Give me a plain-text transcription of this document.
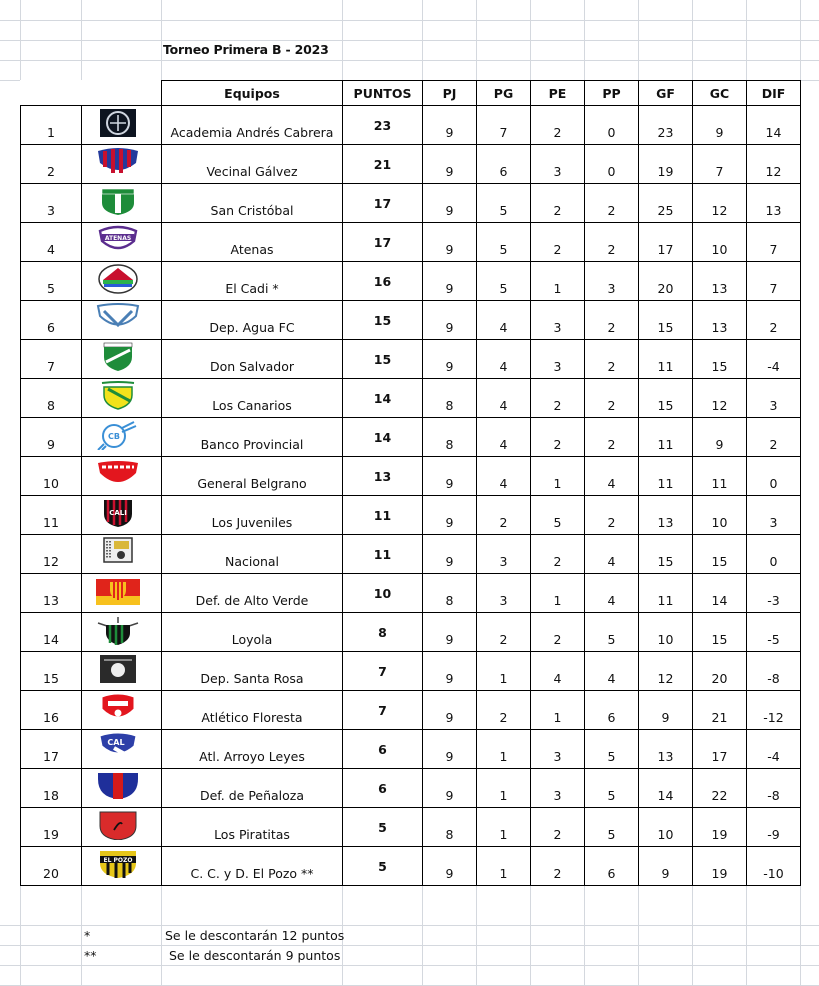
Torneo Primera B - 2023
		Equipos	PUNTOS	PJ	PG	PE	PP	GF	GC	DIF
1		Academia Andrés Cabrera	23	9	7	2	0	23	9	14
2		Vecinal Gálvez	21	9	6	3	0	19	7	12
3		San Cristóbal	17	9	5	2	2	25	12	13
4	ATENAS	Atenas	17	9	5	2	2	17	10	7
5		El Cadi *	16	9	5	1	3	20	13	7
6		Dep. Agua FC	15	9	4	3	2	15	13	2
7		Don Salvador	15	9	4	3	2	11	15	-4
8		Los Canarios	14	8	4	2	2	15	12	3
9	CB	Banco Provincial	14	8	4	2	2	11	9	2
10		General Belgrano	13	9	4	1	4	11	11	0
11	CALI	Los Juveniles	11	9	2	5	2	13	10	3
12		Nacional	11	9	3	2	4	15	15	0
13		Def. de Alto Verde	10	8	3	1	4	11	14	-3
14		Loyola	8	9	2	2	5	10	15	-5
15		Dep. Santa Rosa	7	9	1	4	4	12	20	-8
16		Atlético Floresta	7	9	2	1	6	9	21	-12
17	CAL	Atl. Arroyo Leyes	6	9	1	3	5	13	17	-4
18		Def. de Peñaloza	6	9	1	3	5	14	22	-8
19		Los Piratitas	5	8	1	2	5	10	19	-9
20	EL POZO	C. C. y D. El Pozo **	5	9	1	2	6	9	19	-10
*	Se le descontarán 12 puntos
**	Se le descontarán 9 puntos
